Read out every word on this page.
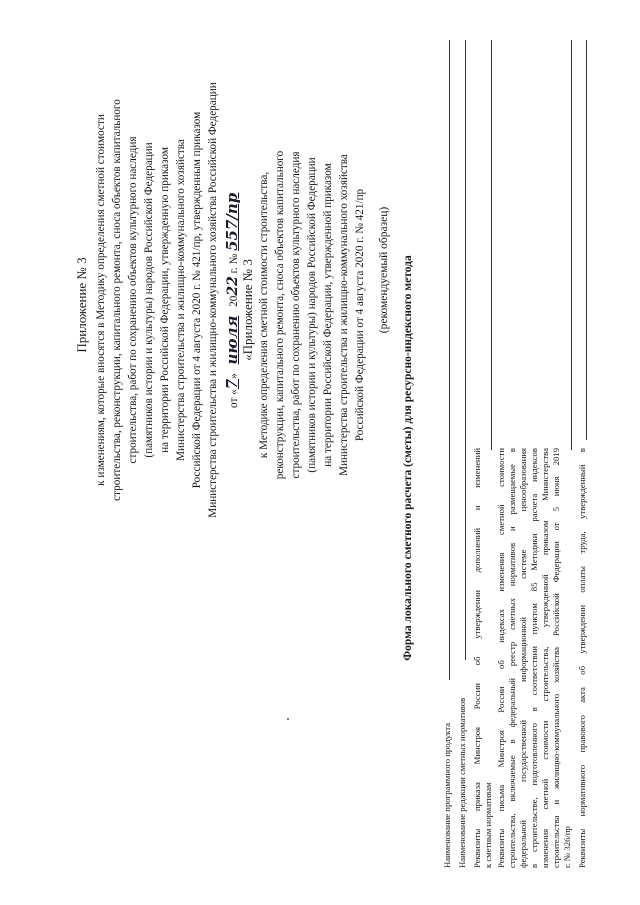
Приложение № 3 к изменениям, которые вносятся в Методику определения сметной стоимости строительства, реконструкции, капитального ремонта, сноса объектов капитального строительства, работ по сохранению объектов культурного наследия (памятников истории и культуры) народов Российской Федерации на территории Российской Федерации, утвержденную приказом Министерства строительства и жилищно-коммунального хозяйства Российской Федерации от 4 августа 2020 г. № 421/пр, утвержденным приказом Министерства строительства и жилищно-коммунального хозяйства Российской Федерации от «7» июля 2022 г. № 557/пр
«Приложение № 3 к Методике определения сметной стоимости строительства, реконструкции, капитального ремонта, сноса объектов капитального строительства, работ по сохранению объектов культурного наследия (памятников истории и культуры) народов Российской Федерации на территории Российской Федерации, утвержденной приказом Министерства строительства и жилищно-коммунального хозяйства Российской Федерации от 4 августа 2020 г. № 421/пр (рекомендуемый образец) Форма локального сметного расчета (сметы) для ресурсно-индексного метода
Наименование программного продукта Наименование редакции сметных нормативов Реквизиты приказа Минстроя России об утверждении дополнений и изменений к сметным нормативам Реквизиты письма Минстроя России об индексах изменения сметной стоимости строительства, включаемые в федеральный реестр сметных нормативов и размещаемые в федеральной государственной информационной системе ценообразования в строительстве, подготовленного в соответствии пунктом 85 Методики расчета индексов изменения сметной стоимости строительства, утвержденной приказом Министерства строительства и жилищно-коммунального хозяйства Российской Федерации от 5 июня 2019 г. № 326/пр Реквизиты нормативного правового акта об утверждении оплаты труда, утвержденный в
